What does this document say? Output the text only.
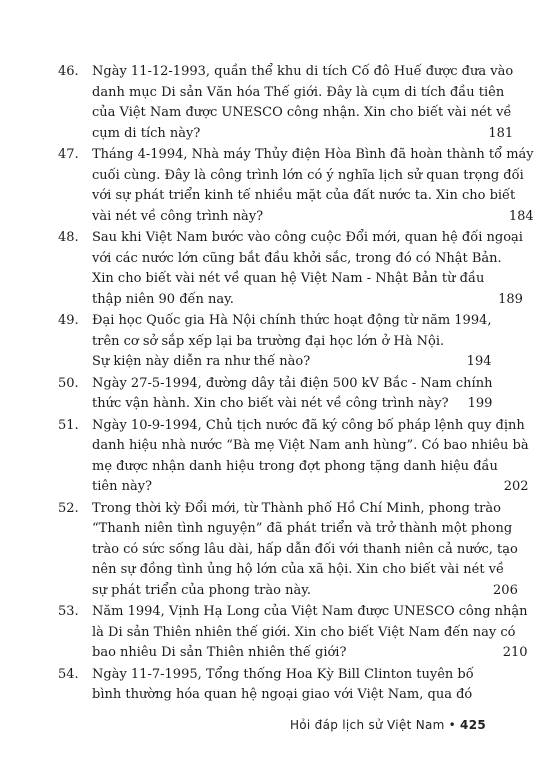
46.	Ngày 11-12-1993, quần thể khu di tích Cố đô Huế được đưa vào
danh mục Di sản Văn hóa Thế giới. Đây là cụm di tích đầu tiên
của Việt Nam được UNESCO công nhận. Xin cho biết vài nét về
cụm di tích này?	181
47.	Tháng 4-1994, Nhà máy Thủy điện Hòa Bình đã hoàn thành tổ máy
cuối cùng. Đây là công trình lớn có ý nghĩa lịch sử quan trọng đối
với sự phát triển kinh tế nhiều mặt của đất nước ta. Xin cho biết
vài nét về công trình này?	184
48.	Sau khi Việt Nam bước vào công cuộc Đổi mới, quan hệ đối ngoại
với các nước lớn cũng bắt đầu khởi sắc, trong đó có Nhật Bản.
Xin cho biết vài nét về quan hệ Việt Nam - Nhật Bản từ đầu
thập niên 90 đến nay.	189
49.	Đại học Quốc gia Hà Nội chính thức hoạt động từ năm 1994,
trên cơ sở sắp xếp lại ba trường đại học lớn ở Hà Nội.
Sự kiện này diễn ra như thế nào?	194
50.	Ngày 27-5-1994, đường dây tải điện 500 kV Bắc - Nam chính
thức vận hành. Xin cho biết vài nét về công trình này? 199
51.	Ngày 10-9-1994, Chủ tịch nước đã ký công bố pháp lệnh quy định
danh hiệu nhà nước “Bà mẹ Việt Nam anh hùng”. Có bao nhiêu bà
mẹ được nhận danh hiệu trong đợt phong tặng danh hiệu đầu
tiên này?	202
52.	Trong thời kỳ Đổi mới, từ Thành phố Hồ Chí Minh, phong trào
“Thanh niên tình nguyện” đã phát triển và trở thành một phong
trào có sức sống lâu dài, hấp dẫn đối với thanh niên cả nước, tạo
nên sự đồng tình ủng hộ lớn của xã hội. Xin cho biết vài nét về
sự phát triển của phong trào này.	206
53.	Năm 1994, Vịnh Hạ Long của Việt Nam được UNESCO công nhận
là Di sản Thiên nhiên thế giới. Xin cho biết Việt Nam đến nay có
bao nhiêu Di sản Thiên nhiên thế giới?	210
54.	Ngày 11-7-1995, Tổng thống Hoa Kỳ Bill Clinton tuyên bố
bình thường hóa quan hệ ngoại giao với Việt Nam, qua đó
Hỏi đáp lịch sử Việt Nam • 425
